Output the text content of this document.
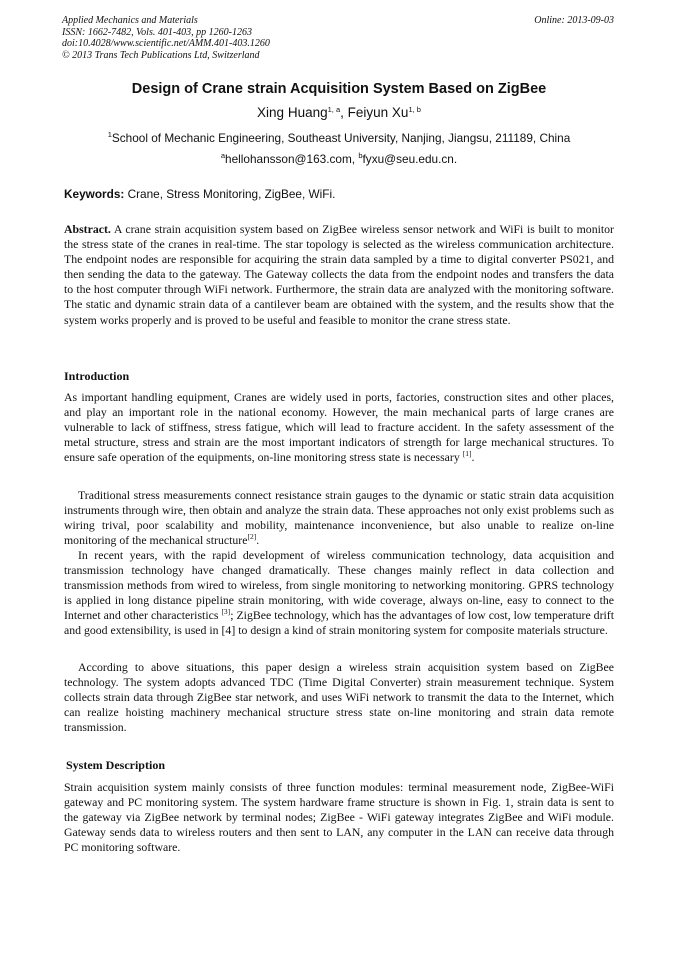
Applied Mechanics and Materials
ISSN: 1662-7482, Vols. 401-403, pp 1260-1263
doi:10.4028/www.scientific.net/AMM.401-403.1260
© 2013 Trans Tech Publications Ltd, Switzerland
Online: 2013-09-03
Design of Crane strain Acquisition System Based on ZigBee
Xing Huang$^{1, a}$, Feiyun Xu$^{1, b}$
$^1$School of Mechanic Engineering, Southeast University, Nanjing, Jiangsu, 211189, China
$^a$hellohansson@163.com, $^b$fyxu@seu.edu.cn.
Keywords: Crane, Stress Monitoring, ZigBee, WiFi.

Abstract. A crane strain acquisition system based on ZigBee wireless sensor network and WiFi is built to monitor the stress state of the cranes in real-time. The star topology is selected as the wireless communication architecture. The endpoint nodes are responsible for acquiring the strain data sampled by a time to digital converter PS021, and then sending the data to the gateway. The Gateway collects the data from the endpoint nodes and transfers the data to the host computer through WiFi network. Furthermore, the strain data are analyzed with the monitoring software. The static and dynamic strain data of a cantilever beam are obtained with the system, and the results show that the system works properly and is proved to be useful and feasible to monitor the crane stress state.

Introduction

As important handling equipment, Cranes are widely used in ports, factories, construction sites and other places, and play an important role in the national economy. However, the main mechanical parts of large cranes are vulnerable to lack of stiffness, stress fatigue, which will lead to fracture accident. In the safety assessment of the metal structure, stress and strain are the most important indicators of strength for large mechanical structures. To ensure safe operation of the equipments, on-line monitoring stress state is necessary [1].

Traditional stress measurements connect resistance strain gauges to the dynamic or static strain data acquisition instruments through wire, then obtain and analyze the strain data. These approaches not only exist problems such as wiring trival, poor scalability and mobility, maintenance inconvenience, but also unable to realize on-line monitoring of the mechanical structure[2].

In recent years, with the rapid development of wireless communication technology, data acquisition and transmission technology have changed dramatically. These changes mainly reflect in data collection and transmission methods from wired to wireless, from single monitoring to networking monitoring. GPRS technology is applied in long distance pipeline strain monitoring, with wide coverage, always on-line, easy to connect to the Internet and other characteristics [3]; ZigBee technology, which has the advantages of low cost, low temperature drift and good extensibility, is used in [4] to design a kind of strain monitoring system for composite materials structure.

According to above situations, this paper design a wireless strain acquisition system based on ZigBee technology. The system adopts advanced TDC (Time Digital Converter) strain measurement technique. System collects strain data through ZigBee star network, and uses WiFi network to transmit the data to the Internet, which can realize hoisting machinery mechanical structure stress state on-line monitoring and strain data remote transmission.

System Description

Strain acquisition system mainly consists of three function modules: terminal measurement node, ZigBee-WiFi gateway and PC monitoring system. The system hardware frame structure is shown in Fig. 1, strain data is sent to the gateway via ZigBee network by terminal nodes; ZigBee - WiFi gateway integrates ZigBee and WiFi module. Gateway sends data to wireless routers and then sent to LAN, any computer in the LAN can receive data through PC monitoring software.
